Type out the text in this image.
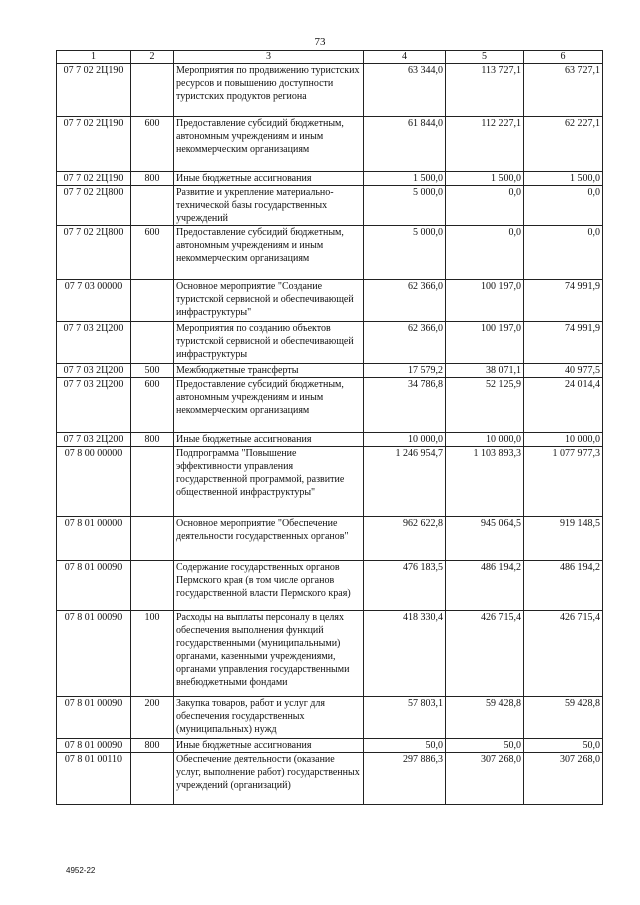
73
1	2	3	4	5	6
07 7 02 2Ц190		Мероприятия по продвижению туристских ресурсов и повышению доступности туристских продуктов региона	63 344,0	113 727,1	63 727,1
07 7 02 2Ц190	600	Предоставление субсидий бюджетным, автономным учреждениям и иным некоммерческим организациям	61 844,0	112 227,1	62 227,1
07 7 02 2Ц190	800	Иные бюджетные ассигнования	1 500,0	1 500,0	1 500,0
07 7 02 2Ц800		Развитие и укрепление материально-технической базы государственных учреждений	5 000,0	0,0	0,0
07 7 02 2Ц800	600	Предоставление субсидий бюджетным, автономным учреждениям и иным некоммерческим организациям	5 000,0	0,0	0,0
07 7 03 00000		Основное мероприятие "Создание туристской сервисной и обеспечивающей инфраструктуры"	62 366,0	100 197,0	74 991,9
07 7 03 2Ц200		Мероприятия по созданию объектов туристской сервисной и обеспечивающей инфраструктуры	62 366,0	100 197,0	74 991,9
07 7 03 2Ц200	500	Межбюджетные трансферты	17 579,2	38 071,1	40 977,5
07 7 03 2Ц200	600	Предоставление субсидий бюджетным, автономным учреждениям и иным некоммерческим организациям	34 786,8	52 125,9	24 014,4
07 7 03 2Ц200	800	Иные бюджетные ассигнования	10 000,0	10 000,0	10 000,0
07 8 00 00000		Подпрограмма "Повышение эффективности управления государственной программой, развитие общественной инфраструктуры"	1 246 954,7	1 103 893,3	1 077 977,3
07 8 01 00000		Основное мероприятие "Обеспечение деятельности государственных органов"	962 622,8	945 064,5	919 148,5
07 8 01 00090		Содержание государственных органов Пермского края (в том числе органов государственной власти Пермского края)	476 183,5	486 194,2	486 194,2
07 8 01 00090	100	Расходы на выплаты персоналу в целях обеспечения выполнения функций государственными (муниципальными) органами, казенными учреждениями, органами управления государственными внебюджетными фондами	418 330,4	426 715,4	426 715,4
07 8 01 00090	200	Закупка товаров, работ и услуг для обеспечения государственных (муниципальных) нужд	57 803,1	59 428,8	59 428,8
07 8 01 00090	800	Иные бюджетные ассигнования	50,0	50,0	50,0
07 8 01 00110		Обеспечение деятельности (оказание услуг, выполнение работ) государственных учреждений (организаций)	297 886,3	307 268,0	307 268,0
4952-22
